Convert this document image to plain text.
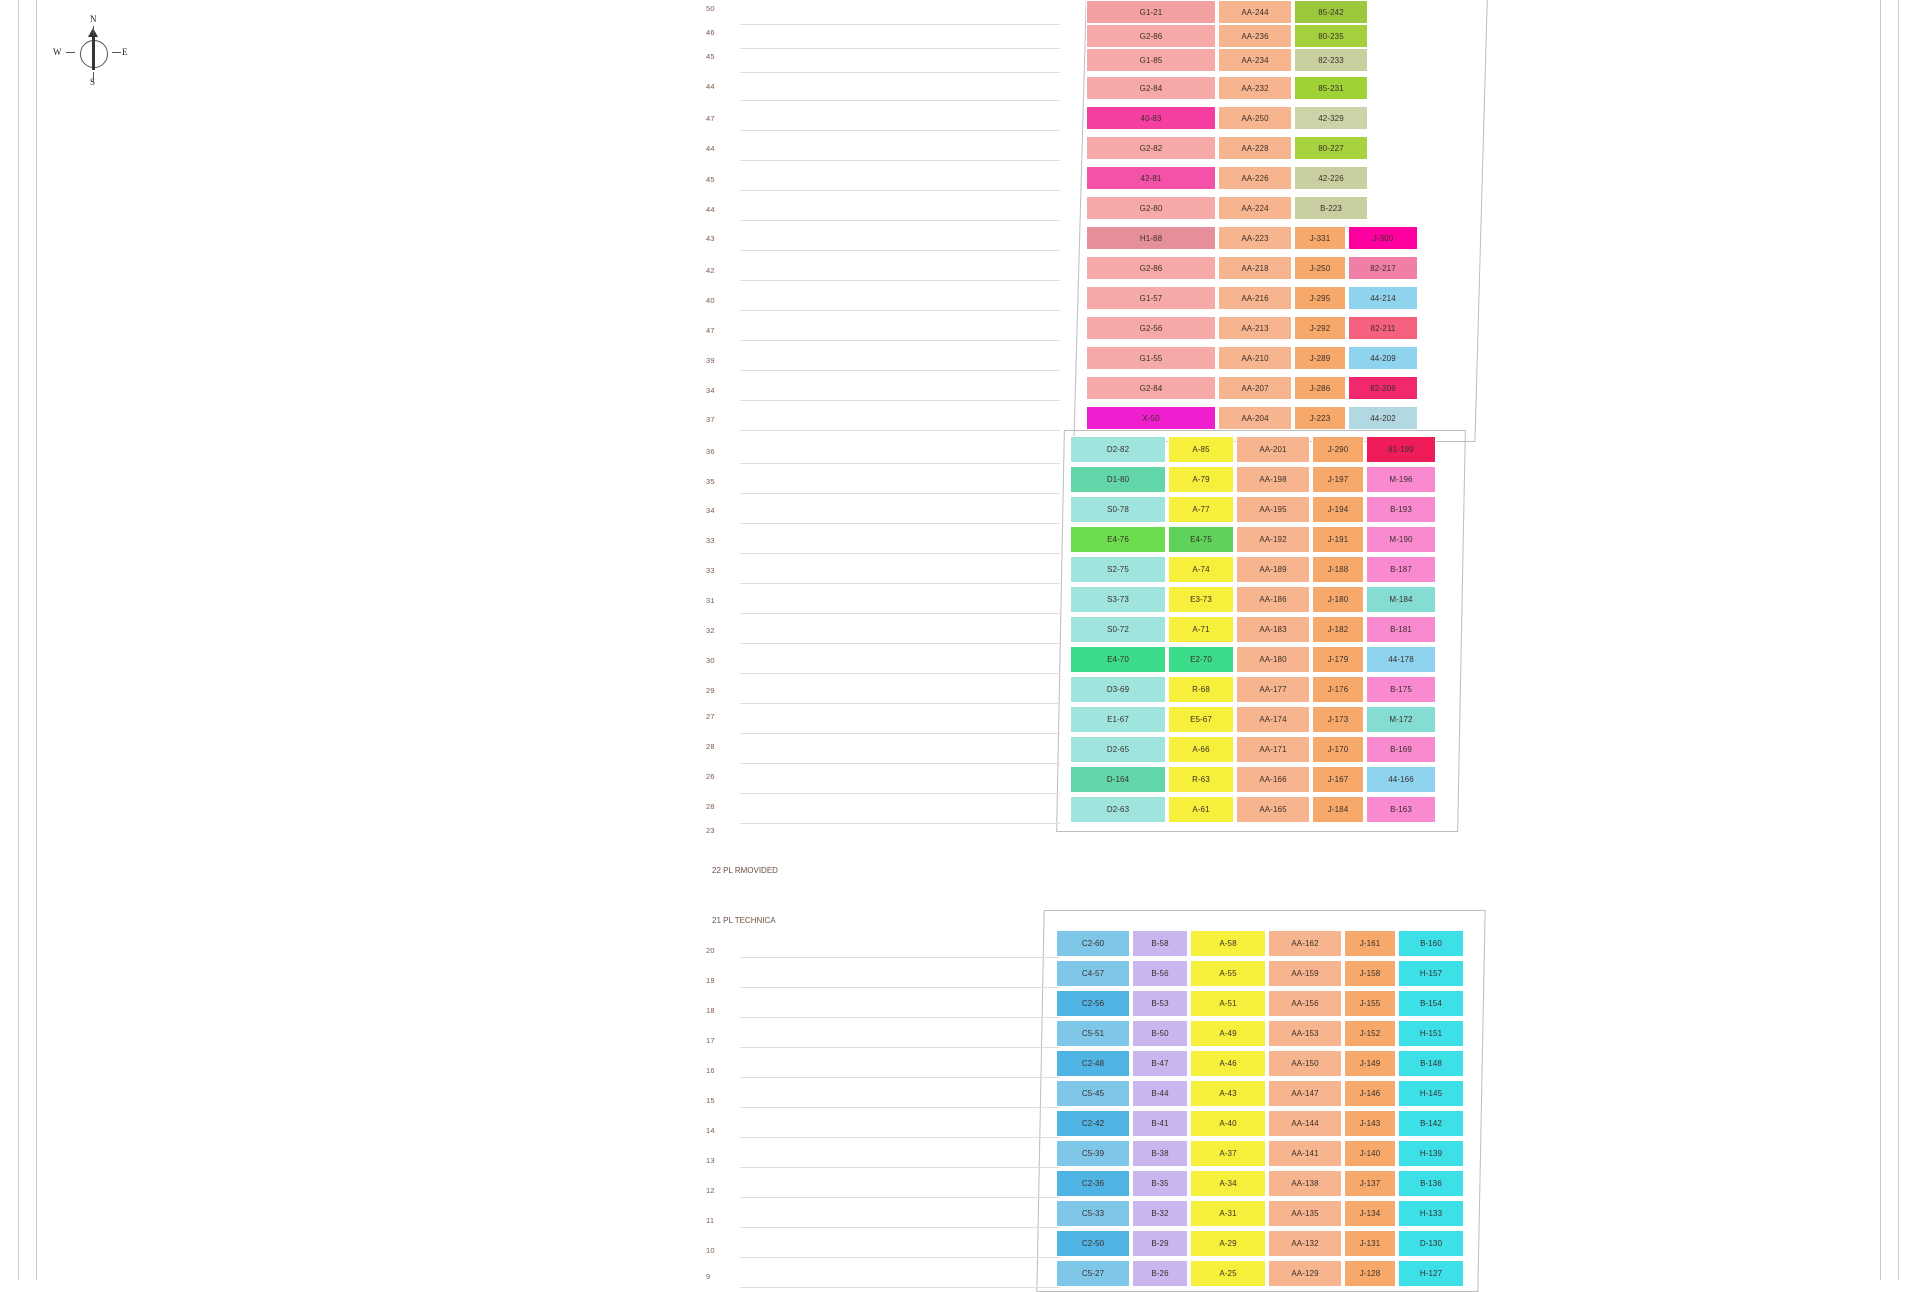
N
S
W	E
50
46
45
44
47
44
45
44
43
42
40
47
39
34
37
36
35
34
33
33
31
32
30
29
27
28
26
28
23
20
19
18
17
16
15
14
13
12
11
10
9
22 PL RMOVIDED
21 PL TECHNICA
G1-21	AA-244	85-242
G2-86	AA-236	80-235
G1-85	AA-234	82-233
G2-84	AA-232	85-231
40-83	AA-250	42-329
G2-82	AA-228	80-227
42-81	AA-226	42-226
G2-80	AA-224	B-223
H1-88	AA-223	J-331	J-300
G2-86	AA-218	J-250	82-217
G1-57	AA-216	J-295	44-214
G2-56	AA-213	J-292	82-211
G1-55	AA-210	J-289	44-209
G2-84	AA-207	J-286	82-206
X-50	AA-204	J-223	44-202
D2-82	A-85	AA-201	J-290	81-199
D1-80	A-79	AA-198	J-197	M-196
S0-78	A-77	AA-195	J-194	B-193
E4-76	E4-75	AA-192	J-191	M-190
S2-75	A-74	AA-189	J-188	B-187
S3-73	E3-73	AA-186	J-180	M-184
S0-72	A-71	AA-183	J-182	B-181
E4-70	E2-70	AA-180	J-179	44-178
D3-69	R-68	AA-177	J-176	B-175
E1-67	E5-67	AA-174	J-173	M-172
D2-65	A-66	AA-171	J-170	B-169
D-164	R-63	AA-166	J-167	44-166
D2-63	A-61	AA-165	J-184	B-163
C2-60	B-58	A-58	AA-162	J-161	B-160
C4-57	B-56	A-55	AA-159	J-158	H-157
C2-56	B-53	A-51	AA-156	J-155	B-154
C5-51	B-50	A-49	AA-153	J-152	H-151
C2-48	B-47	A-46	AA-150	J-149	B-148
C5-45	B-44	A-43	AA-147	J-146	H-145
C2-42	B-41	A-40	AA-144	J-143	B-142
C5-39	B-38	A-37	AA-141	J-140	H-139
C2-36	B-35	A-34	AA-138	J-137	B-136
C5-33	B-32	A-31	AA-135	J-134	H-133
C2-50	B-29	A-29	AA-132	J-131	D-130
C5-27	B-26	A-25	AA-129	J-128	H-127
